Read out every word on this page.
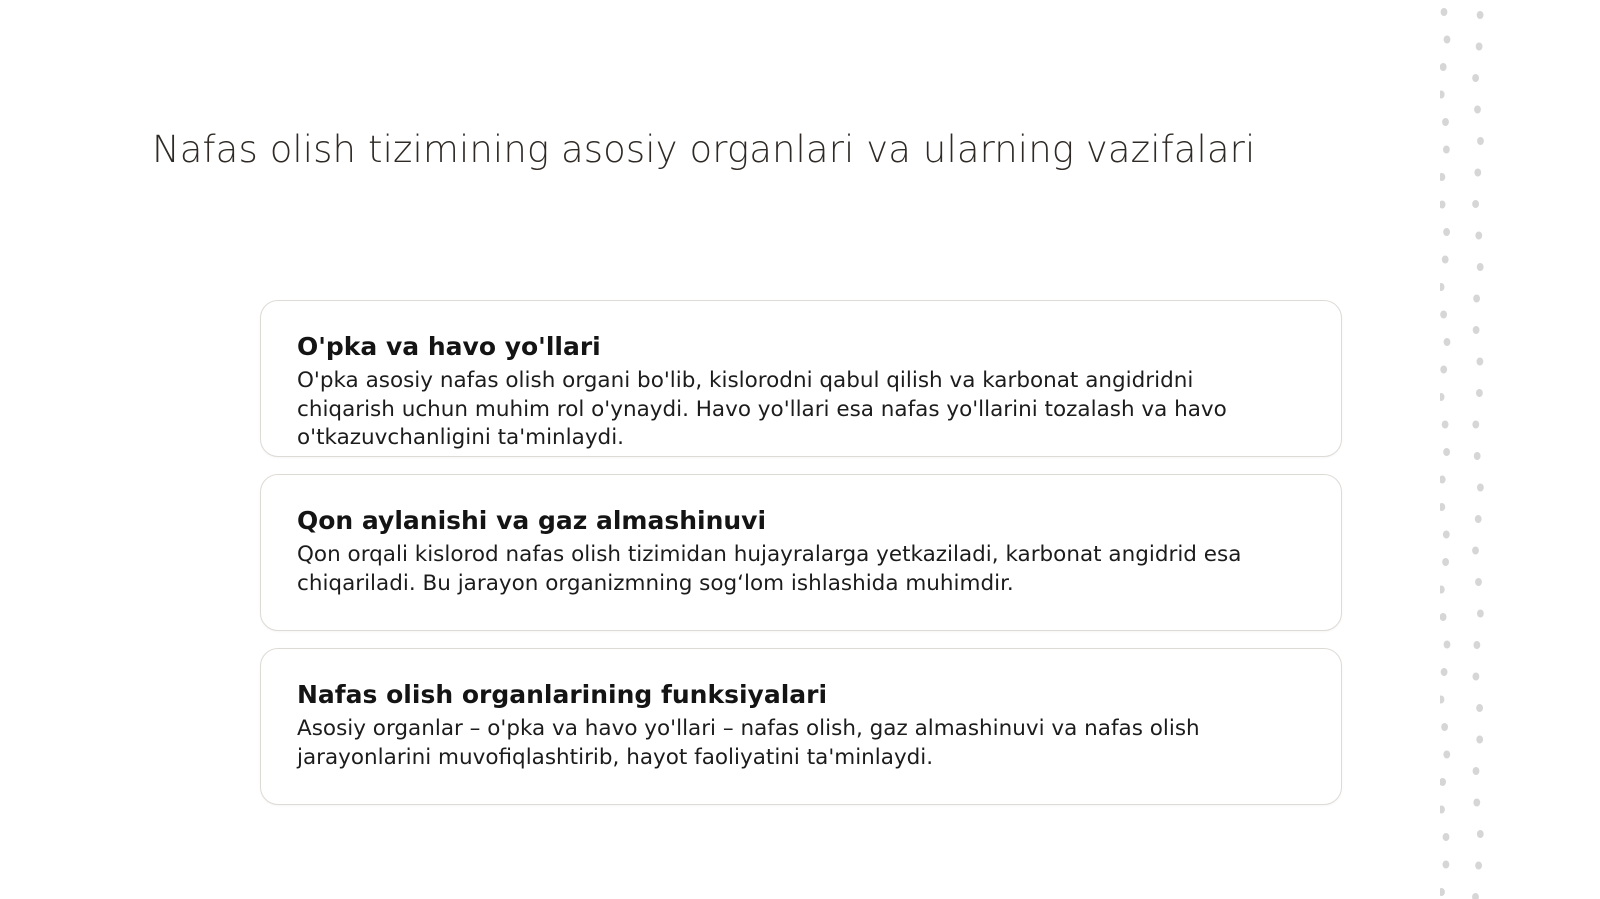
Nafas olish tizimining asosiy organlari va ularning vazifalari
O'pka va havo yo'llari

O'pka asosiy nafas olish organi bo'lib, kislorodni qabul qilish va karbonat angidridni chiqarish uchun muhim rol o'ynaydi. Havo yo'llari esa nafas yo'llarini tozalash va havo o'tkazuvchanligini ta'minlaydi.

Qon aylanishi va gaz almashinuvi

Qon orqali kislorod nafas olish tizimidan hujayralarga yetkaziladi, karbonat angidrid esa chiqariladi. Bu jarayon organizmning sog‘lom ishlashida muhimdir.

Nafas olish organlarining funksiyalari

Asosiy organlar – o'pka va havo yo'llari – nafas olish, gaz almashinuvi va nafas olish jarayonlarini muvofiqlashtirib, hayot faoliyatini ta'minlaydi.
